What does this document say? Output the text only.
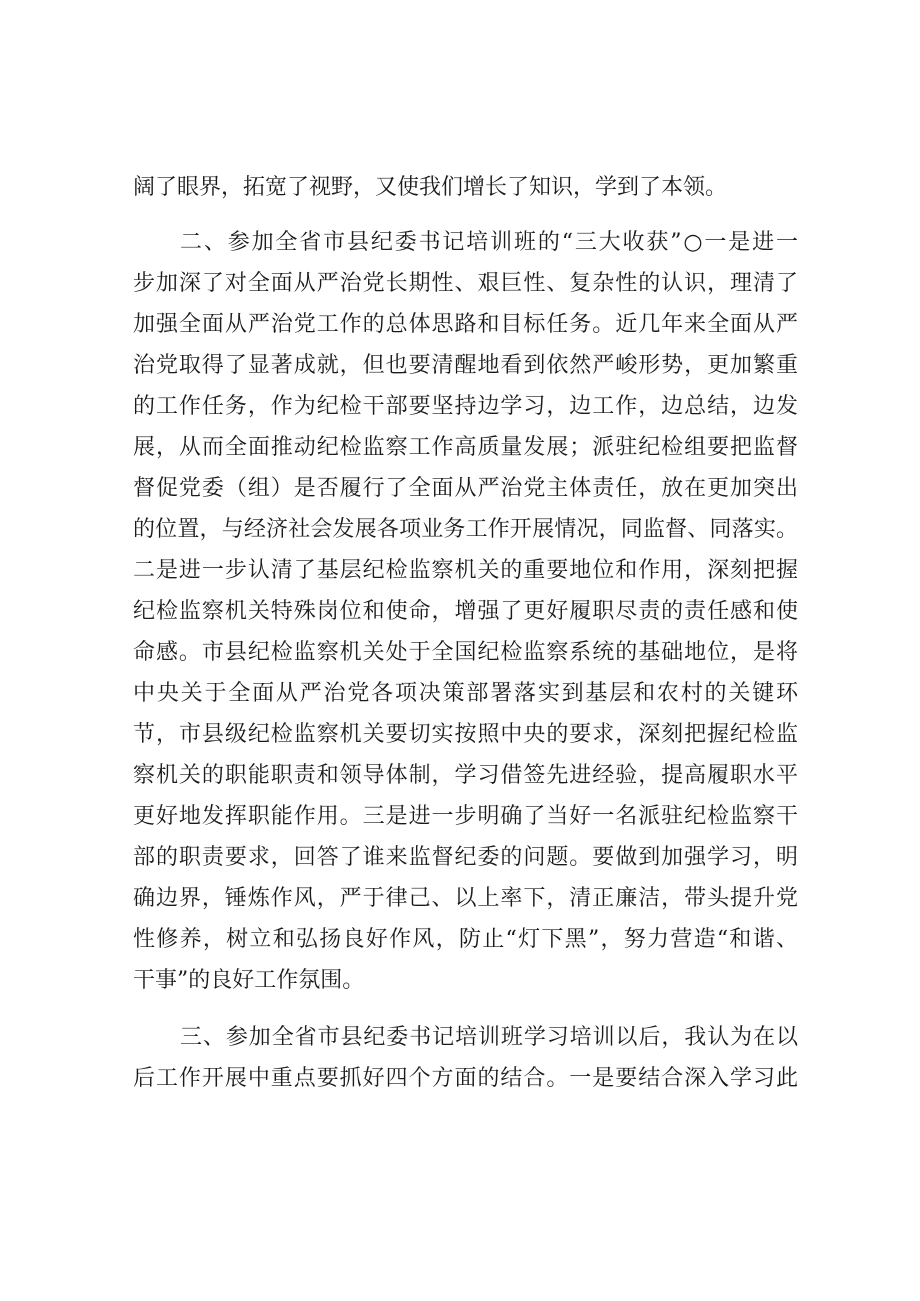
阔了眼界，拓宽了视野，又使我们增长了知识，学到了本领。
二、参加全省市县纪委书记培训班的“三大收获”○一是进一
步加深了对全面从严治党长期性、艰巨性、复杂性的认识，理清了
加强全面从严治党工作的总体思路和目标任务。近几年来全面从严
治党取得了显著成就，但也要清醒地看到依然严峻形势，更加繁重
的工作任务，作为纪检干部要坚持边学习，边工作，边总结，边发
展，从而全面推动纪检监察工作高质量发展；派驻纪检组要把监督
督促党委（组）是否履行了全面从严治党主体责任，放在更加突出
的位置，与经济社会发展各项业务工作开展情况，同监督、同落实。
二是进一步认清了基层纪检监察机关的重要地位和作用，深刻把握
纪检监察机关特殊岗位和使命，增强了更好履职尽责的责任感和使
命感。市县纪检监察机关处于全国纪检监察系统的基础地位，是将
中央关于全面从严治党各项决策部署落实到基层和农村的关键环
节，市县级纪检监察机关要切实按照中央的要求，深刻把握纪检监
察机关的职能职责和领导体制，学习借签先进经验，提高履职水平
更好地发挥职能作用。三是进一步明确了当好一名派驻纪检监察干
部的职责要求，回答了谁来监督纪委的问题。要做到加强学习，明
确边界，锤炼作风，严于律己、以上率下，清正廉洁，带头提升党
性修养，树立和弘扬良好作风，防止“灯下黑”，努力营造“和谐、
干事”的良好工作氛围。
三、参加全省市县纪委书记培训班学习培训以后，我认为在以
后工作开展中重点要抓好四个方面的结合。一是要结合深入学习此
